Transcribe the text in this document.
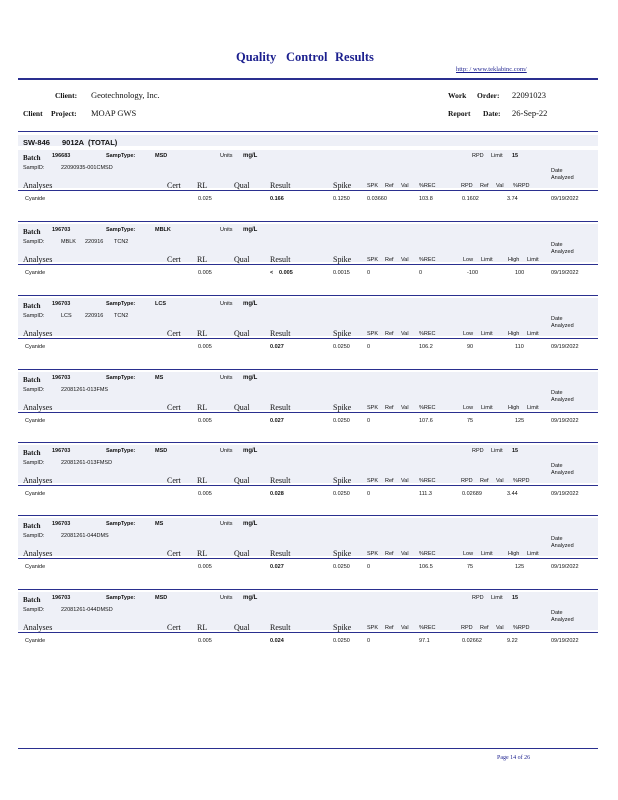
Quality Control Results
http: / www.teklabinc.com/
Client: Geotechnology, Inc.
Client Project: MOAP GWS
Work Order: 22091023
Report Date: 26-Sep-22
SW-846 9012A (TOTAL)
Batch 196683	SampType:	MSD	Units mg/L	RPD Limit 15
SampID:	22090935-001CMSD	Date
Analyzed
Analyses	Cert RL	Qual	Result	Spike	SPK Ref Val %REC	RPD Ref Val %RPD
Cyanide	0.025	0.166	0.1250	0.03660	103.8	0.1602	3.74	09/19/2022
Batch 196703	SampType:	MBLK	Units mg/L
SampID:	MBLK 220916 TCN2	Date
Analyzed
Analyses	Cert RL	Qual	Result	Spike	SPK Ref Val %REC	Low Limit	High Limit
Cyanide	0.005	< 0.005	0.0015	0	0	-100	100	09/19/2022
Batch 196703	SampType:	LCS	Units mg/L
SampID:	LCS 220916 TCN2	Date
Analyzed
Analyses	Cert RL	Qual	Result	Spike	SPK Ref Val %REC	Low Limit	High Limit
Cyanide	0.005	0.027	0.0250	0	106.2	90	110	09/19/2022
Batch 196703	SampType:	MS	Units mg/L
SampID:	22081261-013FMS	Date
Analyzed
Analyses	Cert RL	Qual	Result	Spike	SPK Ref Val %REC	Low Limit	High Limit
Cyanide	0.005	0.027	0.0250	0	107.6	75	125	09/19/2022
Batch 196703	SampType:	MSD	Units mg/L	RPD Limit 15
SampID:	22081261-013FMSD	Date
Analyzed
Analyses	Cert RL	Qual	Result	Spike	SPK Ref Val %REC	RPD Ref Val %RPD
Cyanide	0.005	0.028	0.0250	0	111.3	0.02689	3.44	09/19/2022
Batch 196703	SampType:	MS	Units mg/L
SampID:	22081261-044DMS	Date
Analyzed
Analyses	Cert RL	Qual	Result	Spike	SPK Ref Val %REC	Low Limit	High Limit
Cyanide	0.005	0.027	0.0250	0	106.5	75	125	09/19/2022
Batch 196703	SampType:	MSD	Units mg/L	RPD Limit 15
SampID:	22081261-044DMSD	Date
Analyzed
Analyses	Cert RL	Qual	Result	Spike	SPK Ref Val %REC	RPD Ref Val %RPD
Cyanide	0.005	0.024	0.0250	0	97.1	0.02662	9.22	09/19/2022
Page 14 of 26
